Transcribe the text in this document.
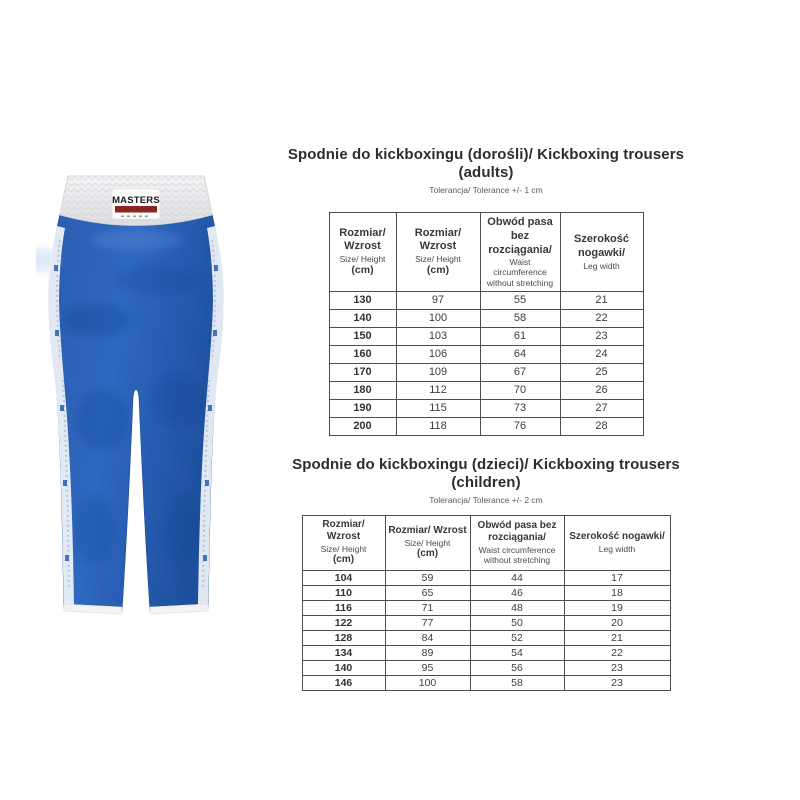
MASTERS
Spodnie do kickboxingu (dorośli)/ Kickboxing trousers (adults)
Tolerancja/ Tolerance +/- 1 cm
Rozmiar/ Wzrost
Size/ Height
(cm)	Rozmiar/ Wzrost
Size/ Height
(cm)	Obwód pasa bez rozciągania/
Waist circumference without stretching	Szerokość nogawki/
Leg width

130	97	55	21
140	100	58	22
150	103	61	23
160	106	64	24
170	109	67	25
180	112	70	26
190	115	73	27
200	118	76	28
Spodnie do kickboxingu (dzieci)/ Kickboxing trousers (children)
Tolerancja/ Tolerance +/- 2 cm
Rozmiar/ Wzrost
Size/ Height
(cm)	Rozmiar/ Wzrost
Size/ Height
(cm)	Obwód pasa bez rozciągania/
Waist circumference without stretching	Szerokość nogawki/
Leg width

104	59	44	17
110	65	46	18
116	71	48	19
122	77	50	20
128	84	52	21
134	89	54	22
140	95	56	23
146	100	58	23
